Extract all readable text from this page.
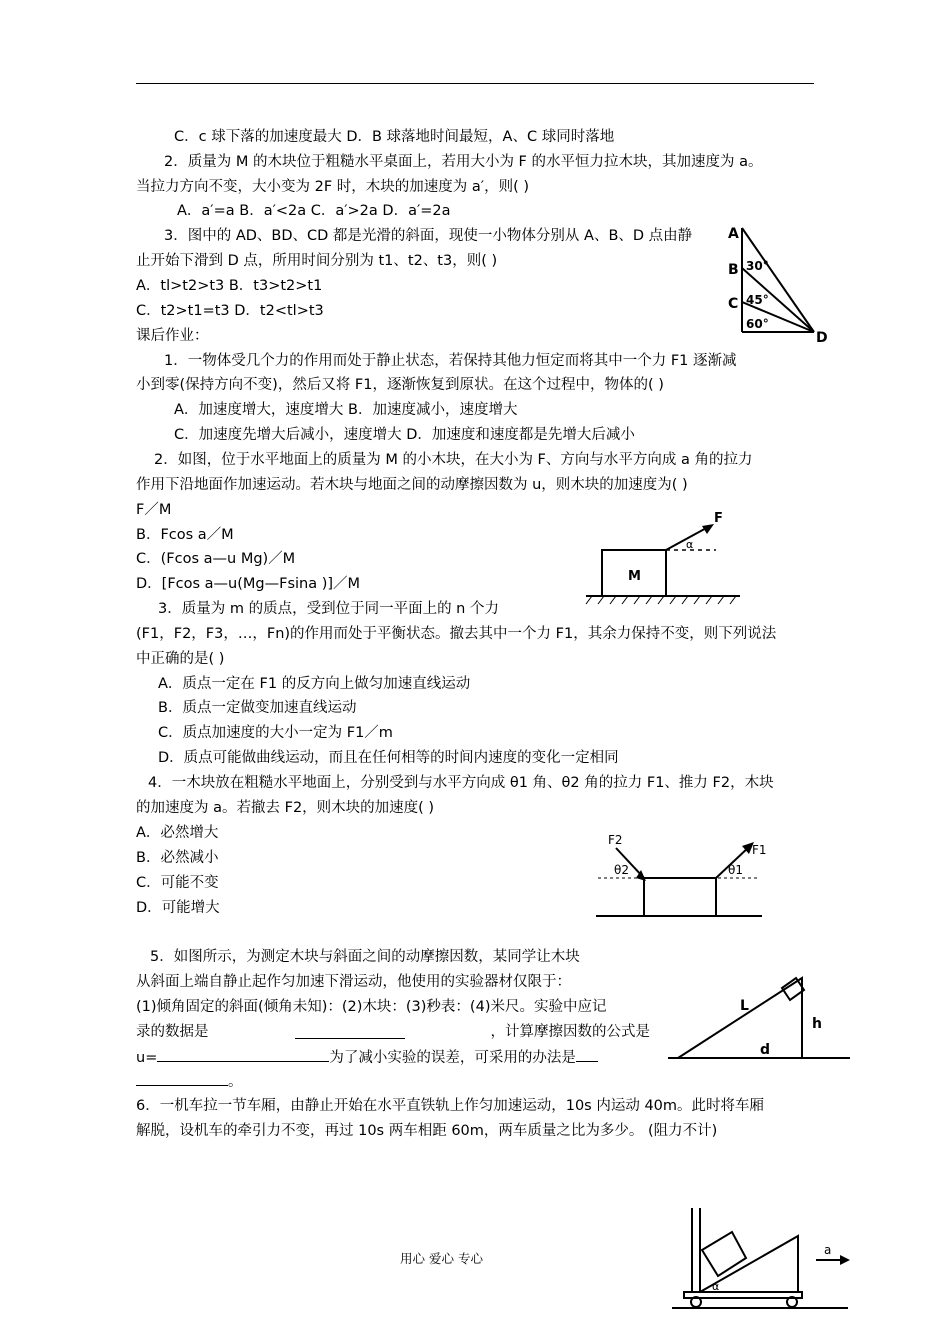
C．c 球下落的加速度最大 D．B 球落地时间最短，A、C 球同时落地
2．质量为 M 的木块位于粗糙水平桌面上，若用大小为 F 的水平恒力拉木块，其加速度为 a。
当拉力方向不变，大小变为 2F 时，木块的加速度为 a′，则( )
A．a′=a B．a′<2a C．a′>2a D．a′=2a
3．图中的 AD、BD、CD 都是光滑的斜面，现使一小物体分别从 A、B、D 点由静
止开始下滑到 D 点，所用时间分别为 t1、t2、t3，则( )
A．tl>t2>t3 B．t3>t2>t1
C．t2>t1=t3 D．t2<tl>t3
课后作业：
1．一物体受几个力的作用而处于静止状态，若保持其他力恒定而将其中一个力 F1 逐渐减
小到零(保持方向不变)，然后又将 F1，逐渐恢复到原状。在这个过程中，物体的( )
A．加速度增大，速度增大 B．加速度减小，速度增大
C．加速度先增大后减小，速度增大 D．加速度和速度都是先增大后减小
2．如图，位于水平地面上的质量为 M 的小木块，在大小为 F、方向与水平方向成 a 角的拉力
作用下沿地面作加速运动。若木块与地面之间的动摩擦因数为 u，则木块的加速度为( )
F／M
B．Fcos a／M
C．(Fcos a—u Mg)／M
D．[Fcos a—u(Mg—Fsina )]／M
3．质量为 m 的质点，受到位于同一平面上的 n 个力
(F1，F2，F3，…，Fn)的作用而处于平衡状态。撤去其中一个力 F1，其余力保持不变，则下列说法
中正确的是( )
A．质点一定在 F1 的反方向上做匀加速直线运动
B．质点一定做变加速直线运动
C．质点加速度的大小一定为 F1／m
D．质点可能做曲线运动，而且在任何相等的时间内速度的变化一定相同
4．一木块放在粗糙水平地面上，分别受到与水平方向成 θ1 角、θ2 角的拉力 F1、推力 F2，木块
的加速度为 a。若撤去 F2，则木块的加速度( )
A．必然增大
B．必然减小
C．可能不变
D．可能增大
5．如图所示，为测定木块与斜面之间的动摩擦因数，某同学让木块
从斜面上端自静止起作匀加速下滑运动，他使用的实验器材仅限于：
(1)倾角固定的斜面(倾角未知)：(2)木块：(3)秒表：(4)米尺。实验中应记
录的数据是	，计算摩擦因数的公式是
u=	为了减小实验的误差，可采用的办法是
。
6．一机车拉一节车厢，由静止开始在水平直铁轨上作匀加速运动，10s 内运动 40m。此时将车厢
解脱，设机车的牵引力不变，再过 10s 两车相距 60m，两车质量之比为多少。 (阻力不计)
A
B
C
D
30°
45°
60°
M
F
α
F2
F1
θ2	θ1
L
h
d
α
a
用心 爱心 专心
